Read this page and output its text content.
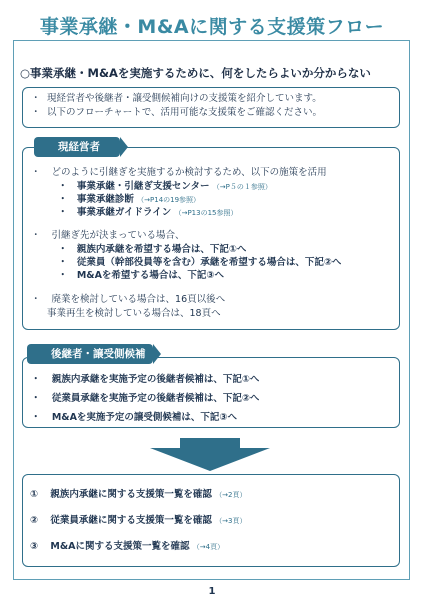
事業承継・M&Aに関する支援策フロー
○事業承継・M&Aを実施するために、何をしたらよいか分からない
・ 現経営者や後継者・譲受側候補向けの支援策を紹介しています。
・ 以下のフローチャートで、活用可能な支援策をご確認ください。
現経営者
・ どのように引継ぎを実施するか検討するため、以下の施策を活用
・ 事業承継・引継ぎ支援センター （→P５の１参照）
・ 事業承継診断 （→P14の19参照）
・ 事業承継ガイドライン （→P13の15参照）
・ 引継ぎ先が決まっている場合、
・ 親族内承継を希望する場合は、下記①へ
・ 従業員（幹部役員等を含む）承継を希望する場合は、下記②へ
・ M&Aを希望する場合は、下記③へ
・ 廃業を検討している場合は、16頁以後へ
事業再生を検討している場合は、18頁へ
後継者・譲受側候補
・ 親族内承継を実施予定の後継者候補は、下記①へ
・ 従業員承継を実施予定の後継者候補は、下記②へ
・ M&Aを実施予定の譲受側候補は、下記③へ
① 親族内承継に関する支援策一覧を確認 （→2頁）
② 従業員承継に関する支援策一覧を確認 （→3頁）
③ M&Aに関する支援策一覧を確認 （→4頁）
1
